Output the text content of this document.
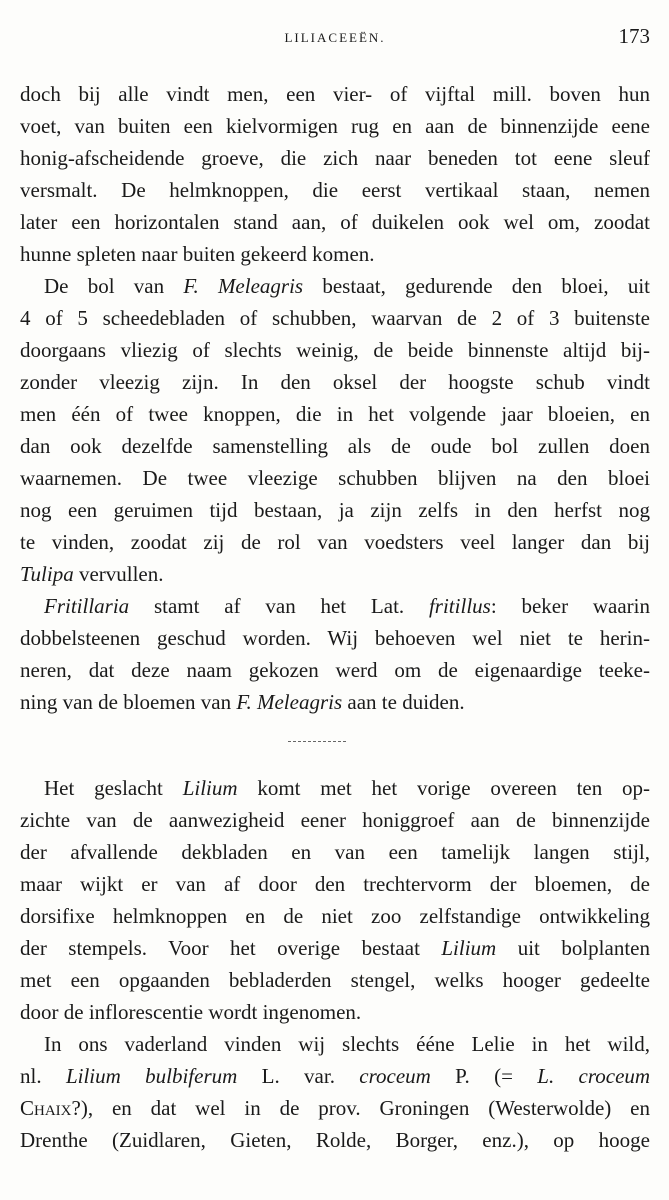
LILIACEEËN.	173
doch bij alle vindt men, een vier- of vijftal mill. boven hun
voet, van buiten een kielvormigen rug en aan de binnenzijde eene
honig-afscheidende groeve, die zich naar beneden tot eene sleuf
versmalt. De helmknoppen, die eerst vertikaal staan, nemen
later een horizontalen stand aan, of duikelen ook wel om, zoodat
hunne spleten naar buiten gekeerd komen.
De bol van F. Meleagris bestaat, gedurende den bloei, uit
4 of 5 scheedebladen of schubben, waarvan de 2 of 3 buitenste
doorgaans vliezig of slechts weinig, de beide binnenste altijd bij-
zonder vleezig zijn. In den oksel der hoogste schub vindt
men één of twee knoppen, die in het volgende jaar bloeien, en
dan ook dezelfde samenstelling als de oude bol zullen doen
waarnemen. De twee vleezige schubben blijven na den bloei
nog een geruimen tijd bestaan, ja zijn zelfs in den herfst nog
te vinden, zoodat zij de rol van voedsters veel langer dan bij
Tulipa vervullen.
Fritillaria stamt af van het Lat. fritillus: beker waarin
dobbelsteenen geschud worden. Wij behoeven wel niet te herin-
neren, dat deze naam gekozen werd om de eigenaardige teeke-
ning van de bloemen van F. Meleagris aan te duiden.
Het geslacht Lilium komt met het vorige overeen ten op-
zichte van de aanwezigheid eener honiggroef aan de binnenzijde
der afvallende dekbladen en van een tamelijk langen stijl,
maar wijkt er van af door den trechtervorm der bloemen, de
dorsifixe helmknoppen en de niet zoo zelfstandige ontwikkeling
der stempels. Voor het overige bestaat Lilium uit bolplanten
met een opgaanden bebladerden stengel, welks hooger gedeelte
door de inflorescentie wordt ingenomen.
In ons vaderland vinden wij slechts ééne Lelie in het wild,
nl. Lilium bulbiferum L. var. croceum P. (= L. croceum
Chaix?), en dat wel in de prov. Groningen (Westerwolde) en
Drenthe (Zuidlaren, Gieten, Rolde, Borger, enz.), op hooge
